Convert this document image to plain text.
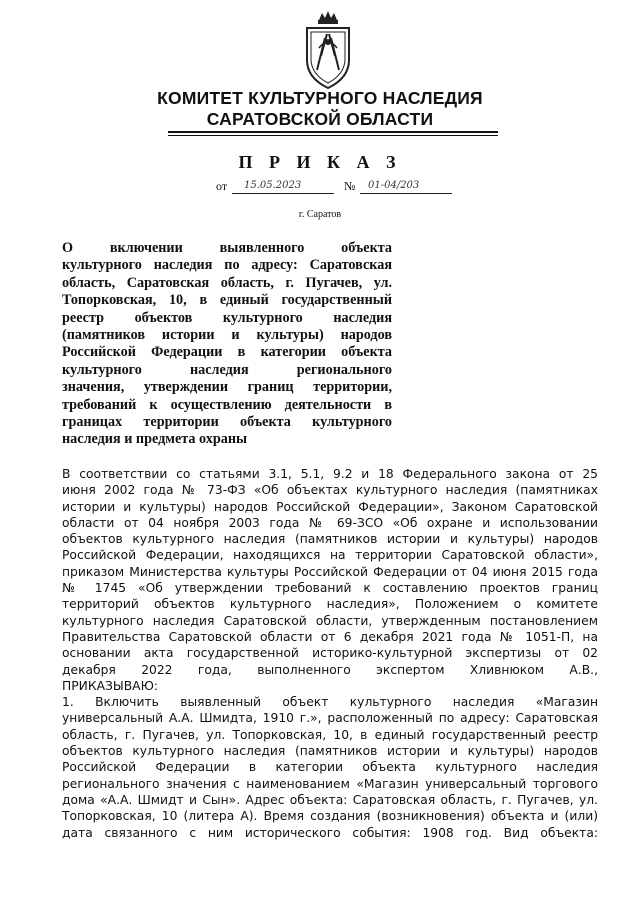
КОМИТЕТ КУЛЬТУРНОГО НАСЛЕДИЯ
САРАТОВСКОЙ ОБЛАСТИ
П Р И К А З
от 15.05.2023	№ 01-04/203
г. Саратов
О включении выявленного объекта
культурного наследия по адресу: Саратовская
область, Саратовская область, г. Пугачев, ул.
Топорковская, 10, в единый государственный
реестр объектов культурного наследия
(памятников истории и культуры) народов
Российской Федерации в категории объекта
культурного наследия регионального
значения, утверждении границ территории,
требований к осуществлению деятельности в
границах территории объекта культурного
наследия и предмета охраны
В соответствии со статьями 3.1, 5.1, 9.2 и 18 Федерального закона от 25
июня 2002 года № 73-ФЗ «Об объектах культурного наследия (памятниках
истории и культуры) народов Российской Федерации», Законом Саратовской
области от 04 ноября 2003 года № 69-ЗСО «Об охране и использовании
объектов культурного наследия (памятников истории и культуры) народов
Российской Федерации, находящихся на территории Саратовской области»,
приказом Министерства культуры Российской Федерации от 04 июня 2015 года
№ 1745 «Об утверждении требований к составлению проектов границ
территорий объектов культурного наследия», Положением о комитете
культурного наследия Саратовской области, утвержденным постановлением
Правительства Саратовской области от 6 декабря 2021 года № 1051-П, на
основании акта государственной историко-культурной экспертизы от 02
декабря 2022 года, выполненного экспертом Хливнюком А.В.,
ПРИКАЗЫВАЮ:
1. Включить выявленный объект культурного наследия «Магазин
универсальный А.А. Шмидта, 1910 г.», расположенный по адресу: Саратовская
область, г. Пугачев, ул. Топорковская, 10, в единый государственный реестр
объектов культурного наследия (памятников истории и культуры) народов
Российской Федерации в категории объекта культурного наследия
регионального значения с наименованием «Магазин универсальный торгового
дома «А.А. Шмидт и Сын». Адрес объекта: Саратовская область, г. Пугачев, ул.
Топорковская, 10 (литера А). Время создания (возникновения) объекта и (или)
дата связанного с ним исторического события: 1908 год. Вид объекта:
